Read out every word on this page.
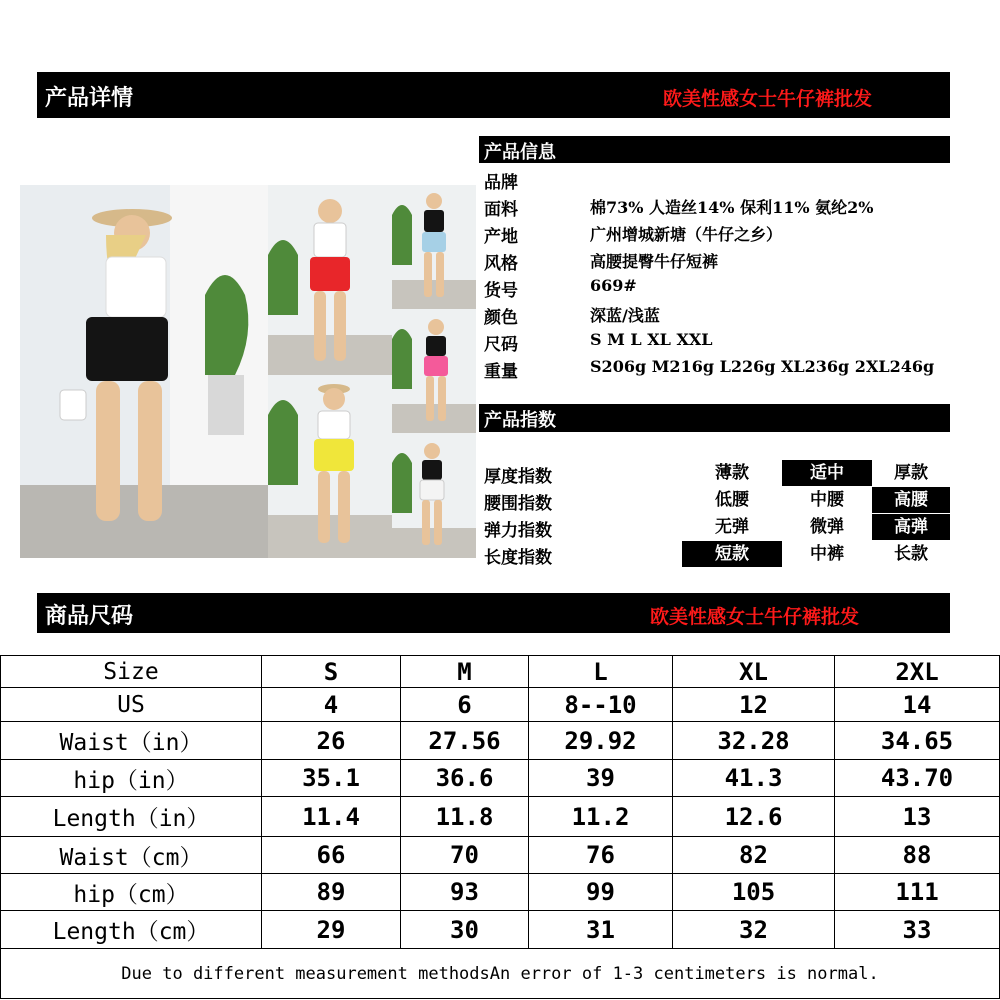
产品详情	欧美性感女士牛仔裤批发
产品信息
品牌
面料	棉73% 人造丝14% 保利11% 氨纶2%
产地	广州增城新塘（牛仔之乡）
风格	高腰提臀牛仔短裤
货号	669#
颜色	深蓝/浅蓝
尺码	S M L XL XXL
重量	S206g M216g L226g XL236g 2XL246g
产品指数
厚度指数	薄款	适中	厚款
腰围指数	低腰	中腰	高腰
弹力指数	无弹	微弹	高弹
长度指数	短款	中裤	长款
商品尺码	欧美性感女士牛仔裤批发
Size	S	M	L	XL	2XL
US	4	6	8--10	12	14
Waist（in）	26	27.56	29.92	32.28	34.65
hip（in）	35.1	36.6	39	41.3	43.70
Length（in）	11.4	11.8	11.2	12.6	13
Waist（cm）	66	70	76	82	88
hip（cm）	89	93	99	105	111
Length（cm）	29	30	31	32	33
Due to different measurement methodsAn error of 1-3 centimeters is normal.					
